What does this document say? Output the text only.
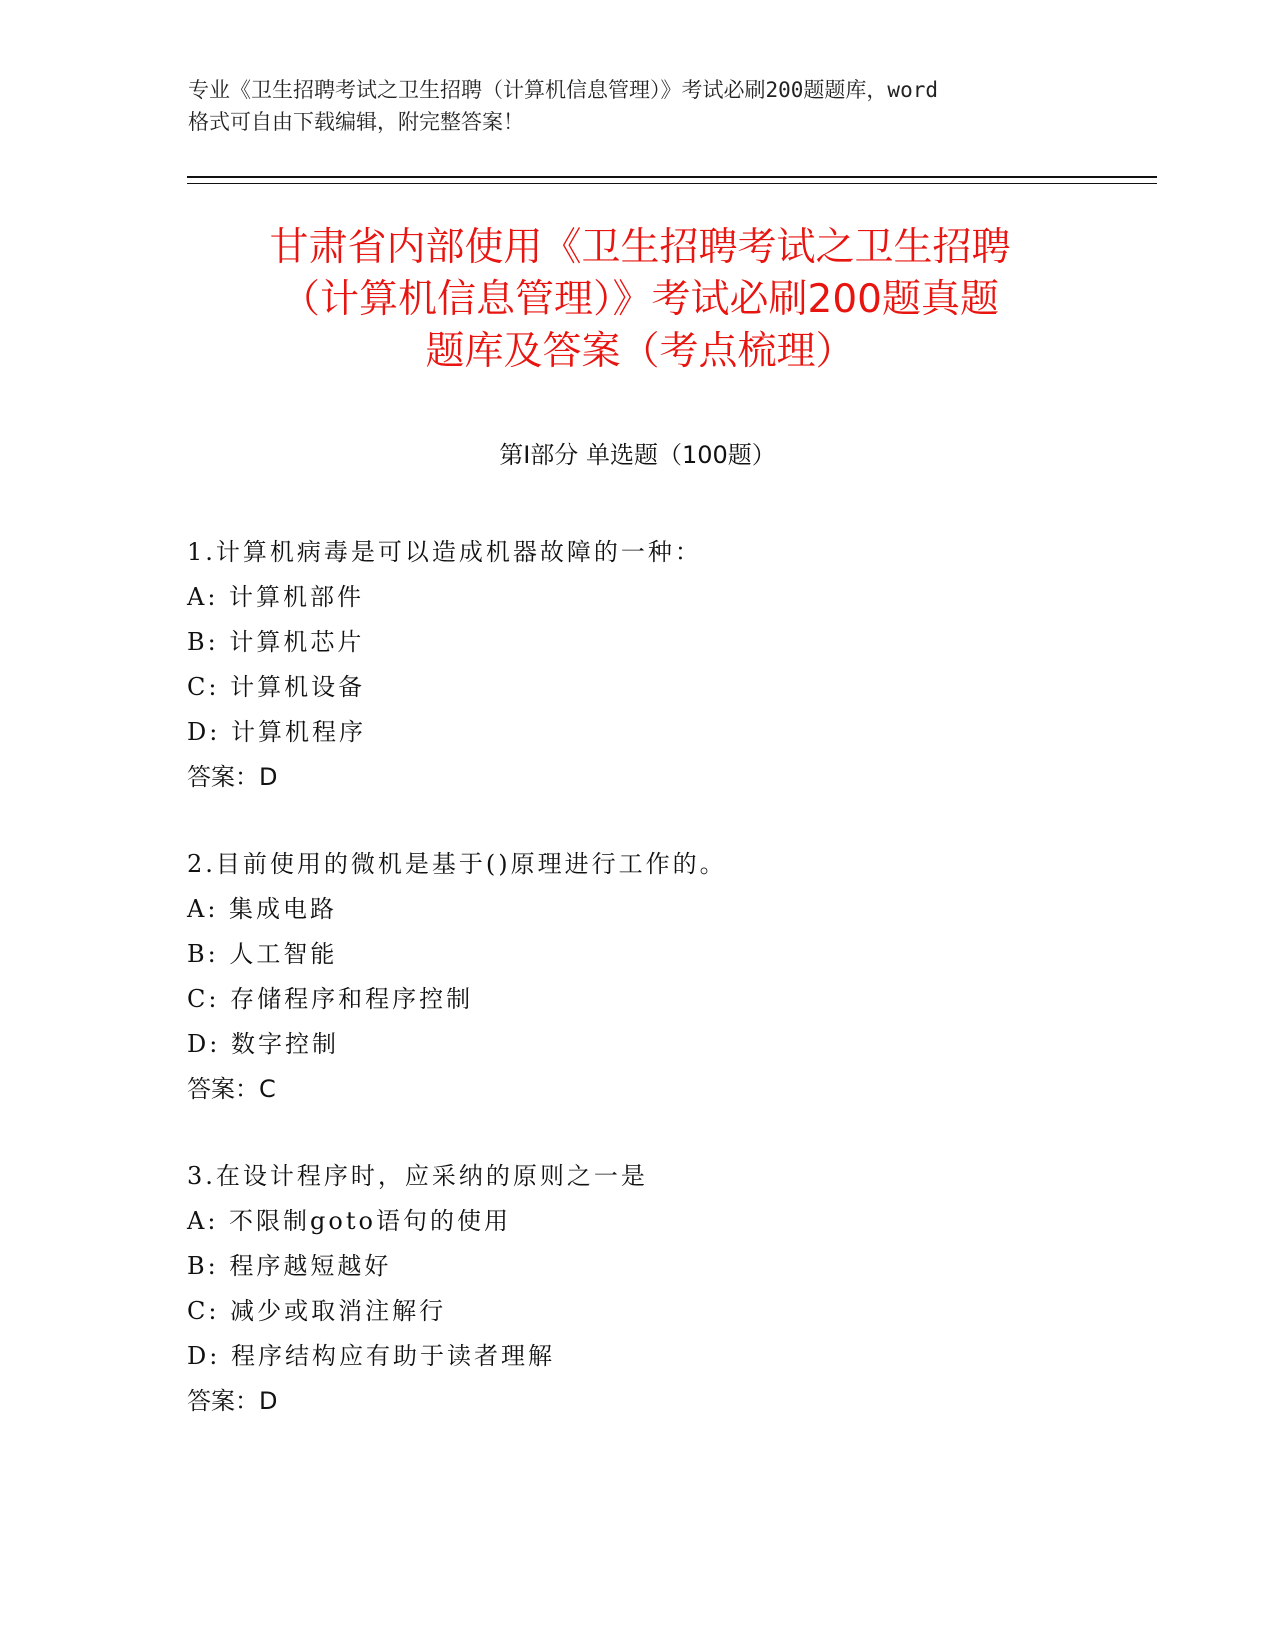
专业《卫生招聘考试之卫生招聘（计算机信息管理）》考试必刷200题题库，word
格式可自由下载编辑，附完整答案！
甘肃省内部使用《卫生招聘考试之卫生招聘
（计算机信息管理）》考试必刷200题真题
题库及答案（考点梳理）
第Ⅰ部分 单选题（100题）
1.计算机病毒是可以造成机器故障的一种：
A: 计算机部件
B: 计算机芯片
C: 计算机设备
D: 计算机程序
答案：D
2.目前使用的微机是基于()原理进行工作的。
A: 集成电路
B: 人工智能
C: 存储程序和程序控制
D: 数字控制
答案：C
3.在设计程序时，应采纳的原则之一是
A: 不限制goto语句的使用
B: 程序越短越好
C: 减少或取消注解行
D: 程序结构应有助于读者理解
答案：D
